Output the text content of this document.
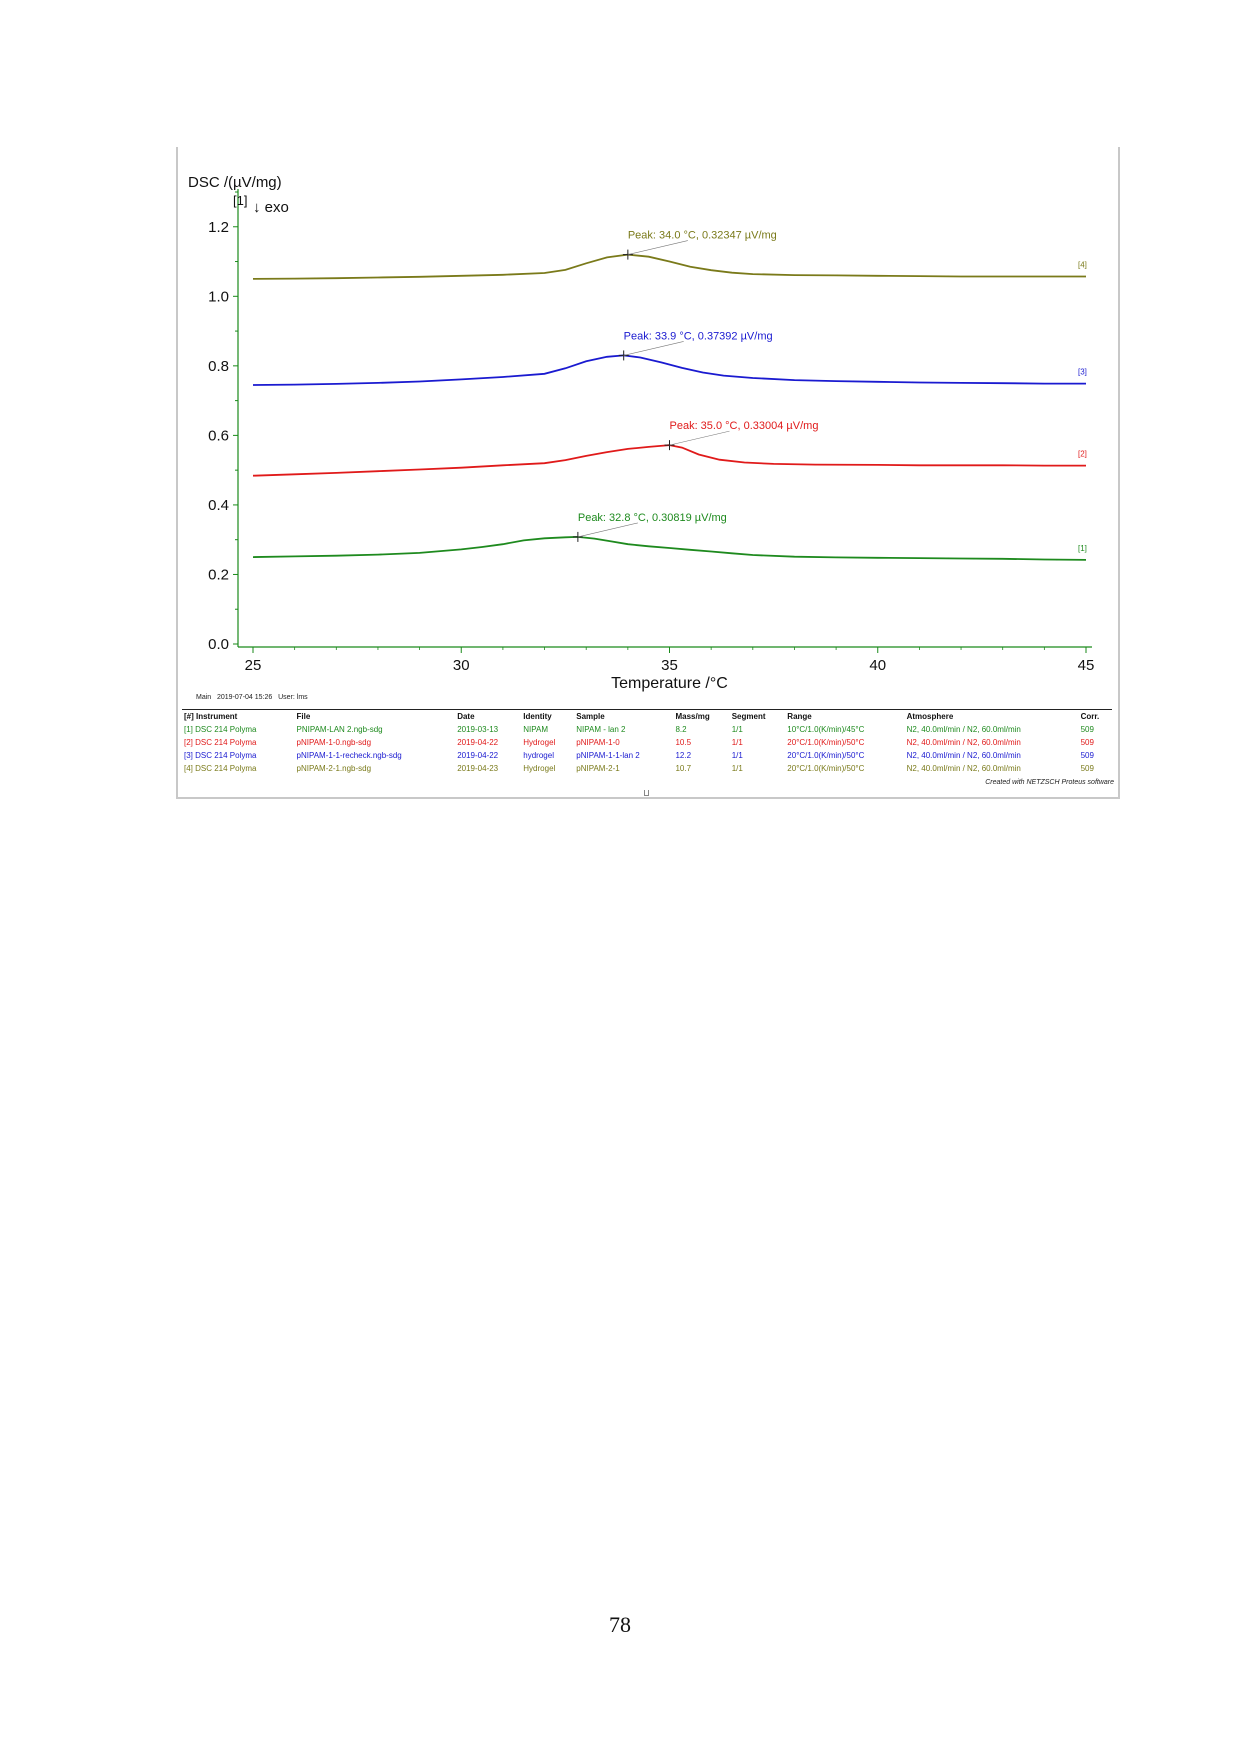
0.0
0.2
0.4
0.6
0.8
1.0
1.2
25	30	35	40	45
DSC /(µV/mg)
[1] ↓ exo
Temperature /°C
[1]
Peak: 32.8 °C, 0.30819 µV/mg
[2]
Peak: 35.0 °C, 0.33004 µV/mg
[3]
Peak: 33.9 °C, 0.37392 µV/mg
[4]
Peak: 34.0 °C, 0.32347 µV/mg
Main   2019-07-04 15:26   User: lms
[#] Instrument	File	Date	Identity	Sample	Mass/mg	Segment	Range	Atmosphere	Corr.
[1] DSC 214 Polyma	PNIPAM-LAN 2.ngb-sdg	2019-03-13	NIPAM	NIPAM - lan 2	8.2	1/1	10°C/1.0(K/min)/45°C	N2, 40.0ml/min / N2, 60.0ml/min	509
[2] DSC 214 Polyma	pNIPAM-1-0.ngb-sdg	2019-04-22	Hydrogel	pNIPAM-1-0	10.5	1/1	20°C/1.0(K/min)/50°C	N2, 40.0ml/min / N2, 60.0ml/min	509
[3] DSC 214 Polyma	pNIPAM-1-1-recheck.ngb-sdg	2019-04-22	hydrogel	pNIPAM-1-1-lan 2	12.2	1/1	20°C/1.0(K/min)/50°C	N2, 40.0ml/min / N2, 60.0ml/min	509
[4] DSC 214 Polyma	pNIPAM-2-1.ngb-sdg	2019-04-23	Hydrogel	pNIPAM-2-1	10.7	1/1	20°C/1.0(K/min)/50°C	N2, 40.0ml/min / N2, 60.0ml/min	509
Created with NETZSCH Proteus software
78
